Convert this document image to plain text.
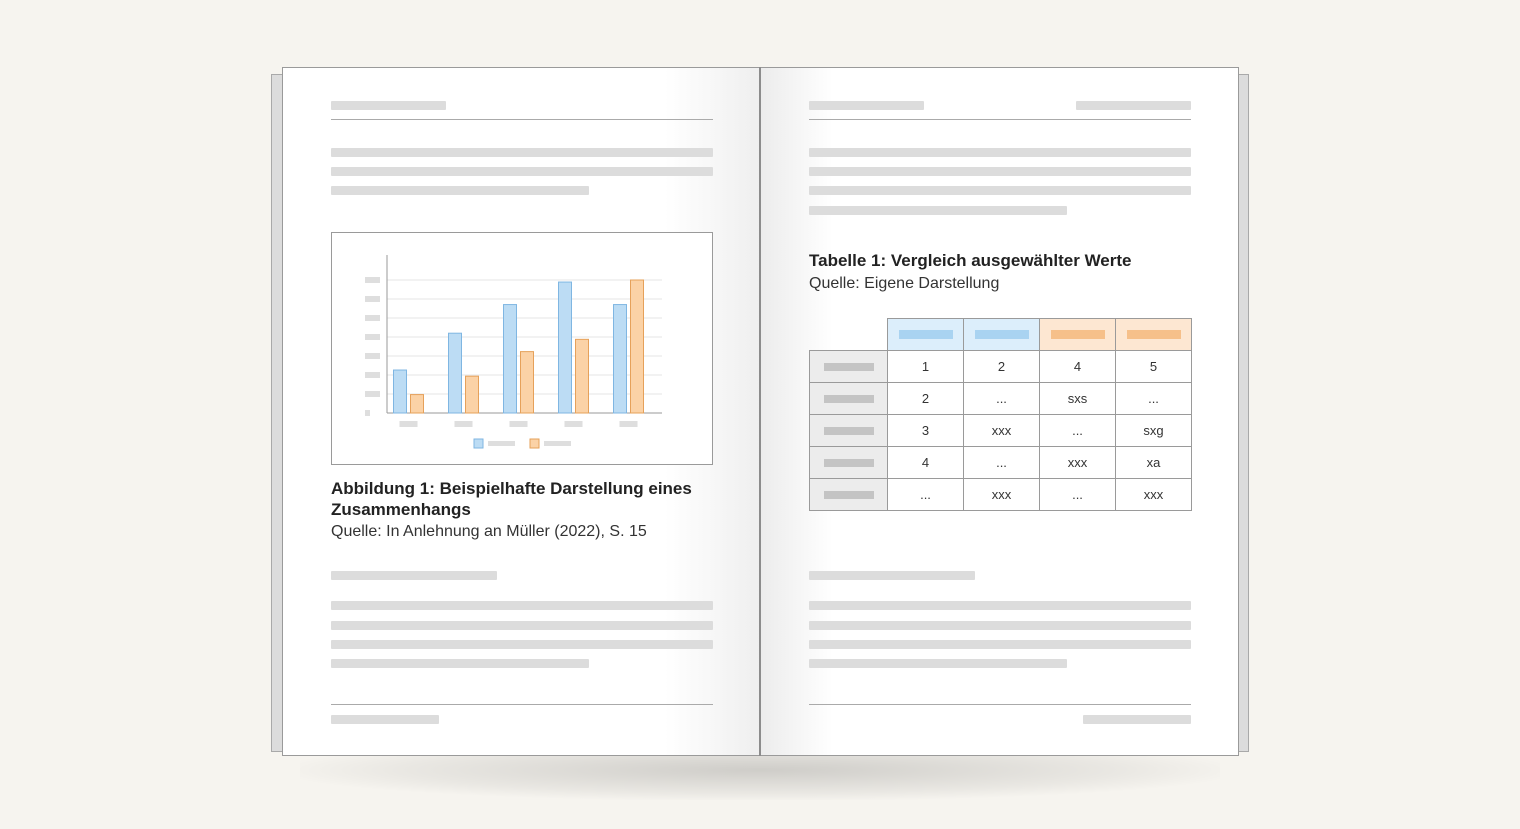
Abbildung 1: Beispielhafte Darstellung eines Zusammenhangs
Quelle: In Anlehnung an Müller (2022), S. 15
Tabelle 1: Vergleich ausgewählter Werte
Quelle: Eigene Darstellung

	1	2	4	5
	2	...	sxs	...
	3	xxx	...	sxg
	4	...	xxx	xa
	...	xxx	...	xxx
